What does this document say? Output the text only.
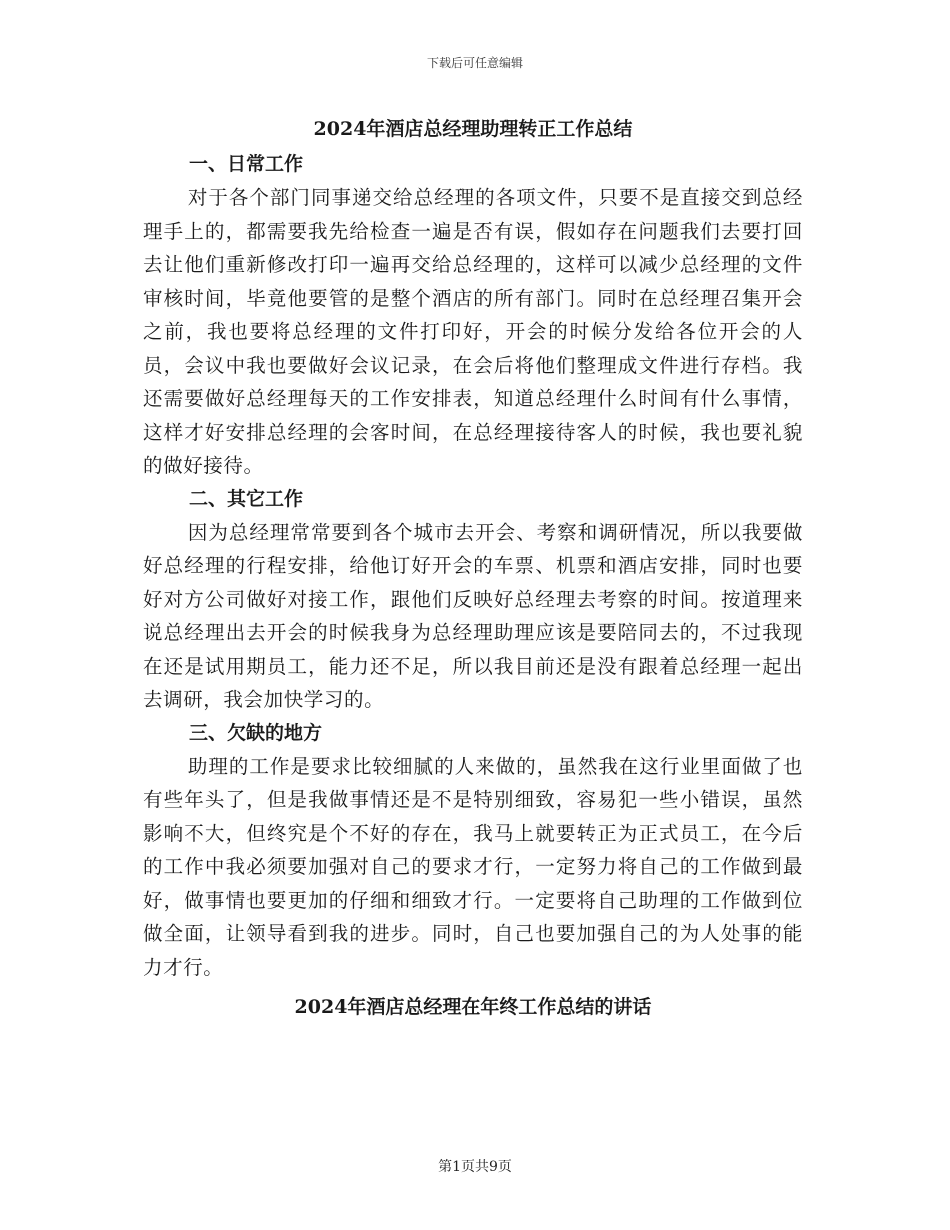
下载后可任意编辑
2024年酒店总经理助理转正工作总结
一、日常工作

对于各个部门同事递交给总经理的各项文件，只要不是直接交到总经理手上的，都需要我先给检查一遍是否有误，假如存在问题我们去要打回去让他们重新修改打印一遍再交给总经理的，这样可以减少总经理的文件审核时间，毕竟他要管的是整个酒店的所有部门。同时在总经理召集开会之前，我也要将总经理的文件打印好，开会的时候分发给各位开会的人员，会议中我也要做好会议记录，在会后将他们整理成文件进行存档。我还需要做好总经理每天的工作安排表，知道总经理什么时间有什么事情，这样才好安排总经理的会客时间，在总经理接待客人的时候，我也要礼貌的做好接待。

二、其它工作

因为总经理常常要到各个城市去开会、考察和调研情况，所以我要做好总经理的行程安排，给他订好开会的车票、机票和酒店安排，同时也要好对方公司做好对接工作，跟他们反映好总经理去考察的时间。按道理来说总经理出去开会的时候我身为总经理助理应该是要陪同去的，不过我现在还是试用期员工，能力还不足，所以我目前还是没有跟着总经理一起出去调研，我会加快学习的。

三、欠缺的地方

助理的工作是要求比较细腻的人来做的，虽然我在这行业里面做了也有些年头了，但是我做事情还是不是特别细致，容易犯一些小错误，虽然影响不大，但终究是个不好的存在，我马上就要转正为正式员工，在今后的工作中我必须要加强对自己的要求才行，一定努力将自己的工作做到最好，做事情也要更加的仔细和细致才行。一定要将自己助理的工作做到位做全面，让领导看到我的进步。同时，自己也要加强自己的为人处事的能力才行。

2024年酒店总经理在年终工作总结的讲话
第1页共9页
